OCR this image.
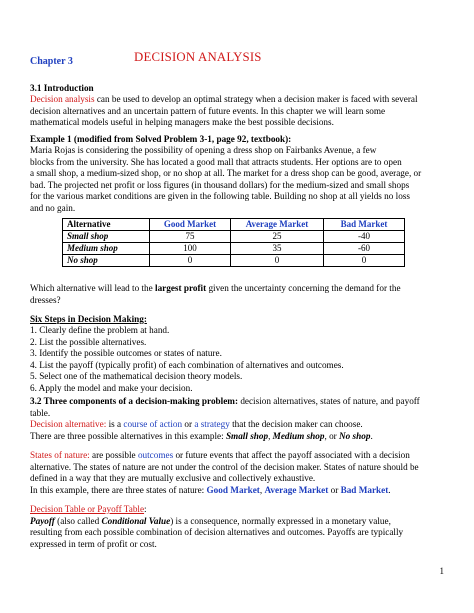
Chapter 3	DECISION ANALYSIS
3.1 Introduction
Decision analysis can be used to develop an optimal strategy when a decision maker is faced with several
decision alternatives and an uncertain pattern of future events. In this chapter we will learn some
mathematical models useful in helping managers make the best possible decisions.
Example 1 (modified from Solved Problem 3-1, page 92, textbook):
Maria Rojas is considering the possibility of opening a dress shop on Fairbanks Avenue, a few
blocks from the university. She has located a good mall that attracts students. Her options are to open
a small shop, a medium-sized shop, or no shop at all. The market for a dress shop can be good, average, or
bad. The projected net profit or loss figures (in thousand dollars) for the medium-sized and small shops
for the various market conditions are given in the following table. Building no shop at all yields no loss
and no gain.
Alternative	Good Market	Average Market	Bad Market
Small shop	75	25	-40
Medium shop	100	35	-60
No shop	0	0	0
Which alternative will lead to the largest profit given the uncertainty concerning the demand for the
dresses?
Six Steps in Decision Making:
1. Clearly define the problem at hand.
2. List the possible alternatives.
3. Identify the possible outcomes or states of nature.
4. List the payoff (typically profit) of each combination of alternatives and outcomes.
5. Select one of the mathematical decision theory models.
6. Apply the model and make your decision.
3.2 Three components of a decision-making problem: decision alternatives, states of nature, and payoff
table.
Decision alternative: is a course of action or a strategy that the decision maker can choose.
There are three possible alternatives in this example: Small shop, Medium shop, or No shop.
States of nature: are possible outcomes or future events that affect the payoff associated with a decision
alternative. The states of nature are not under the control of the decision maker. States of nature should be
defined in a way that they are mutually exclusive and collectively exhaustive.
In this example, there are three states of nature: Good Market, Average Market or Bad Market.
Decision Table or Payoff Table:
Payoff (also called Conditional Value) is a consequence, normally expressed in a monetary value,
resulting from each possible combination of decision alternatives and outcomes. Payoffs are typically
expressed in term of profit or cost.
1
